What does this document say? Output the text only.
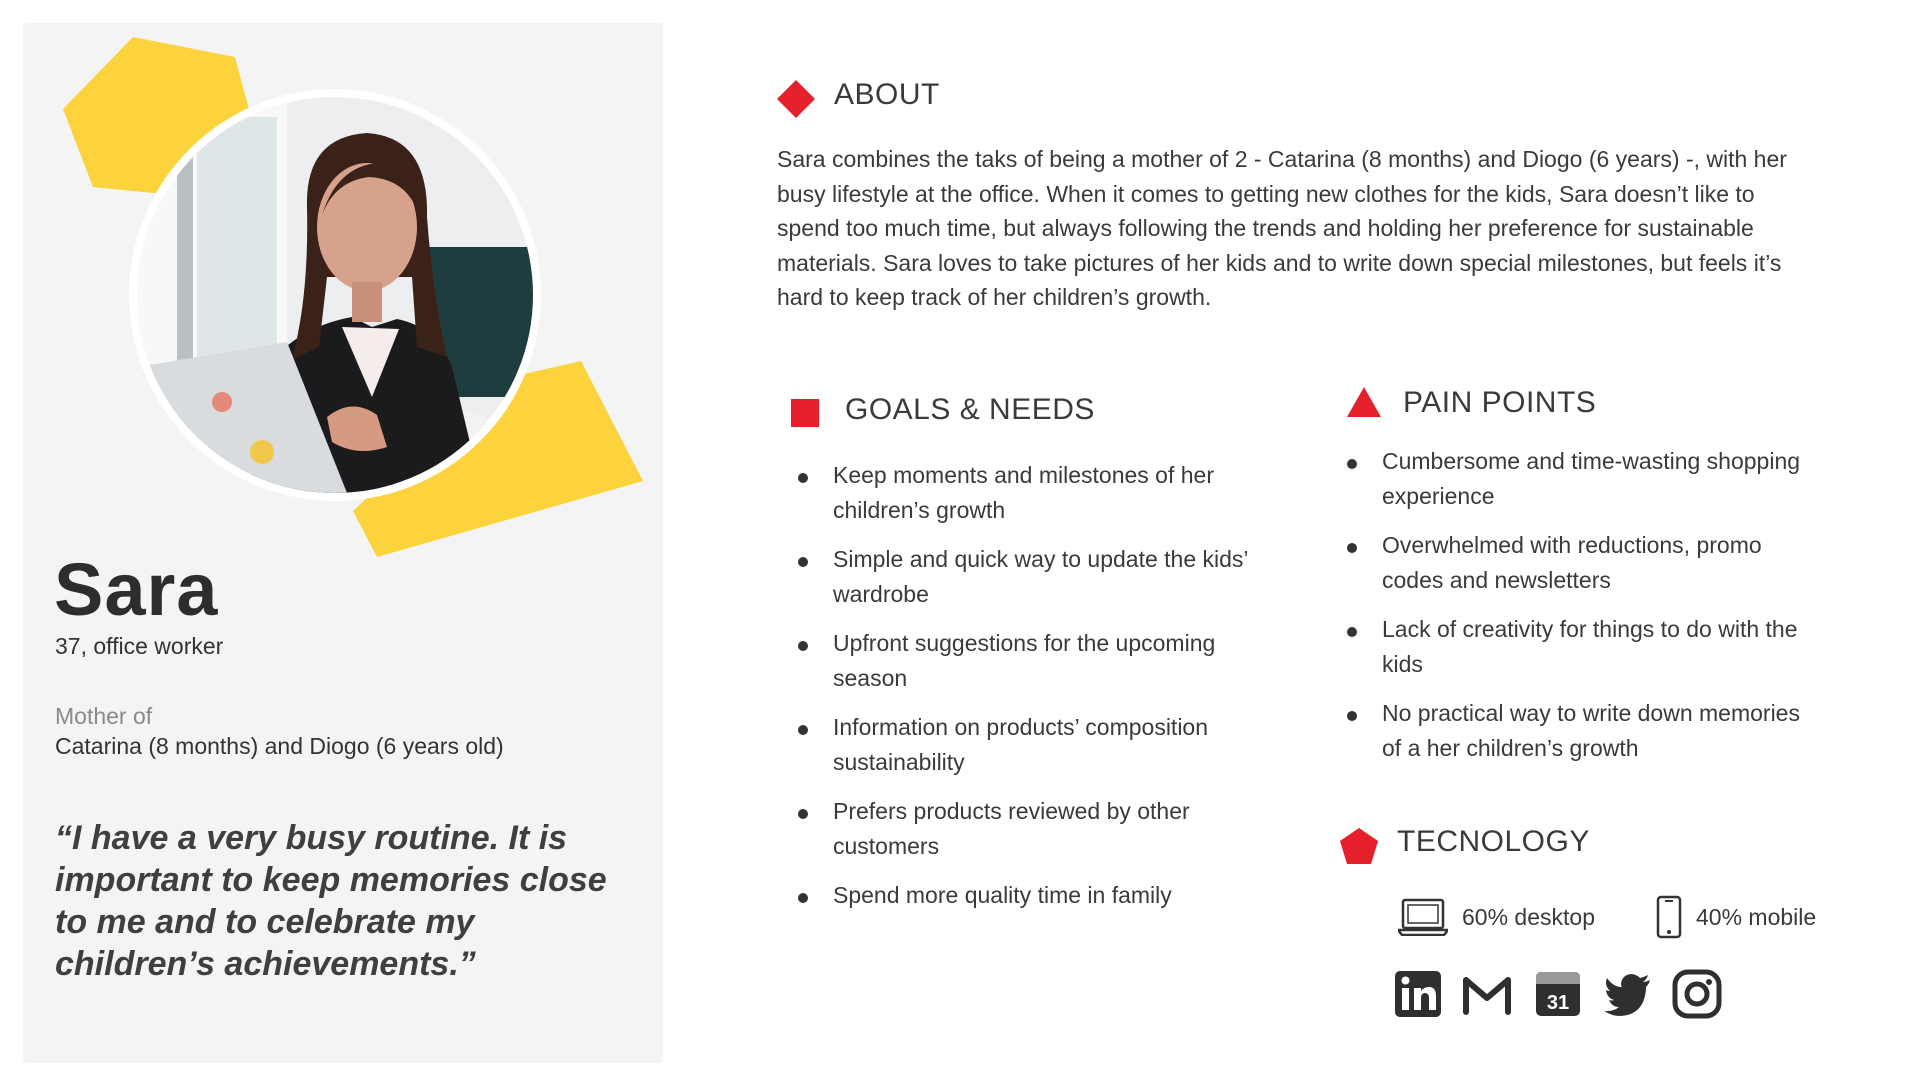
Sara
37, office worker
Mother of
Catarina (8 months) and Diogo (6 years old)

“I have a very busy routine. It is important to keep memories close to me and to celebrate my children’s achievements.”

ABOUT

Sara combines the taks of being a mother of 2 - Catarina (8 months) and Diogo (6 years) -, with her busy lifestyle at the office. When it comes to getting new clothes for the kids, Sara doesn’t like to spend too much time, but always following the trends and holding her preference for sustainable materials. Sara loves to take pictures of her kids and to write down special milestones, but feels it’s hard to keep track of her children’s growth.

GOALS & NEEDS
Keep moments and milestones of her children’s growth
Simple and quick way to update the kids’ wardrobe
Upfront suggestions for the upcoming season
Information on products’ composition sustainability
Prefers products reviewed by other customers
Spend more quality time in family
PAIN POINTS
Cumbersome and time-wasting shopping experience
Overwhelmed with reductions, promo codes and newsletters
Lack of creativity for things to do with the kids
No practical way to write down memories of a her children’s growth
TECNOLOGY
60% desktop	40% mobile
31
